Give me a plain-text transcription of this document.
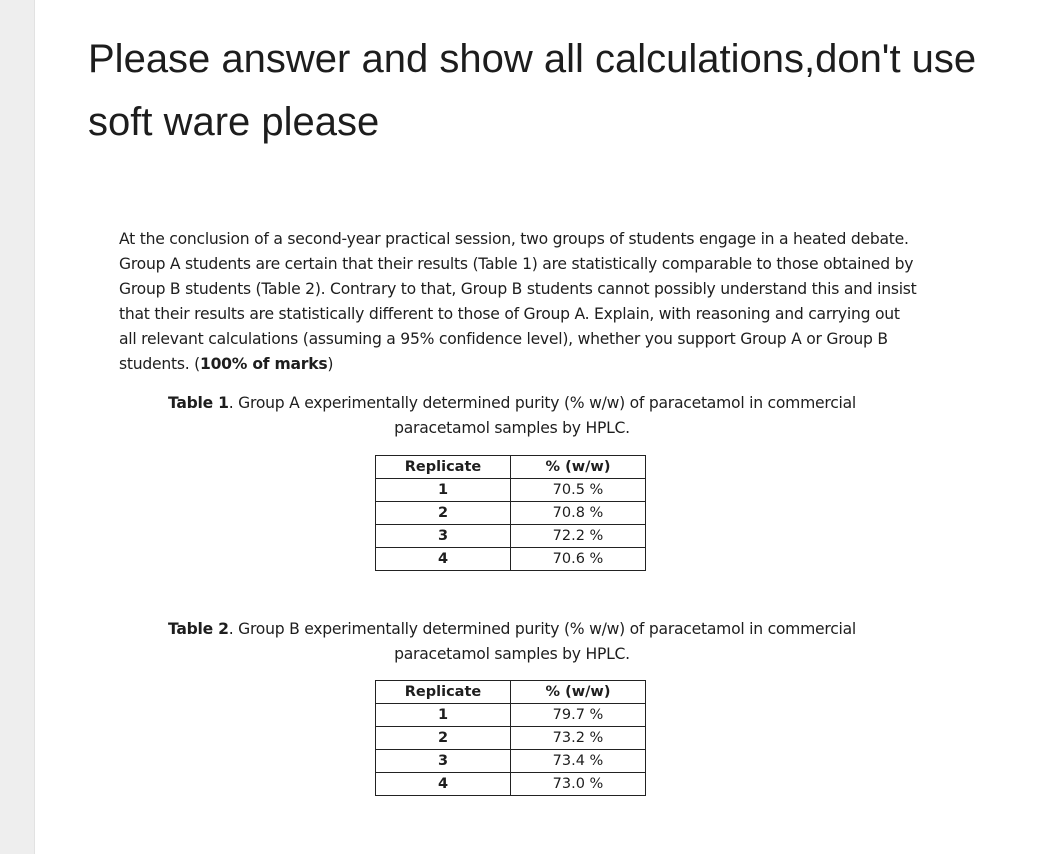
Please answer and show all calculations,don't use soft ware please

At the conclusion of a second-year practical session, two groups of students engage in a heated debate. Group A students are certain that their results (Table 1) are statistically comparable to those obtained by Group B students (Table 2). Contrary to that, Group B students cannot possibly understand this and insist that their results are statistically different to those of Group A. Explain, with reasoning and carrying out all relevant calculations (assuming a 95% confidence level), whether you support Group A or Group B students. (100% of marks)

Table 1. Group A experimentally determined purity (% w/w) of paracetamol in commercial
paracetamol samples by HPLC.

Replicate	% (w/w)
1	70.5 %
2	70.8 %
3	72.2 %
4	70.6 %

Table 2. Group B experimentally determined purity (% w/w) of paracetamol in commercial
paracetamol samples by HPLC.

Replicate	% (w/w)
1	79.7 %
2	73.2 %
3	73.4 %
4	73.0 %
